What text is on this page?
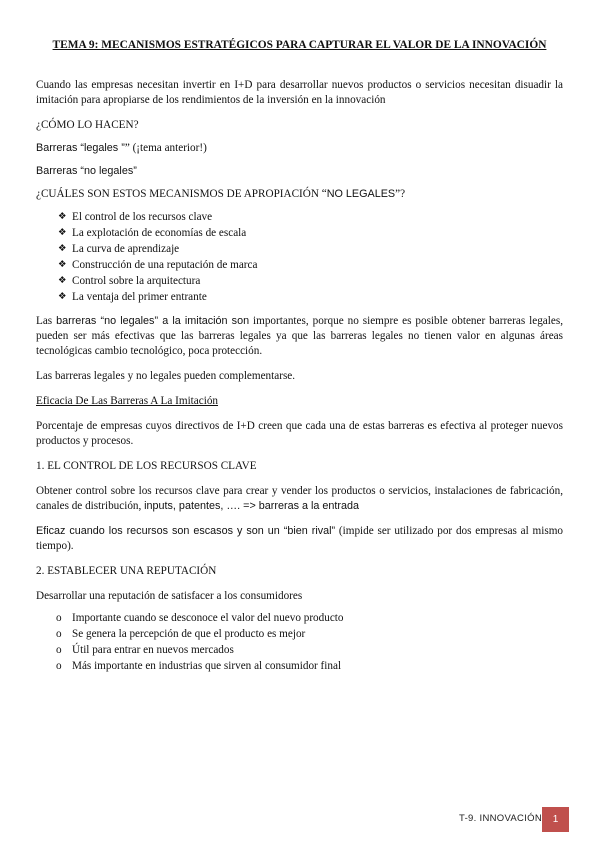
TEMA 9: MECANISMOS ESTRATÉGICOS PARA CAPTURAR EL VALOR DE LA INNOVACIÓN

Cuando las empresas necesitan invertir en I+D para desarrollar nuevos productos o servicios necesitan disuadir la imitación para apropiarse de los rendimientos de la inversión en la innovación

¿CÓMO LO HACEN?

Barreras “legales ”” (¡tema anterior!)

Barreras “no legales”

¿CUÁLES SON ESTOS MECANISMOS DE APROPIACIÓN “NO LEGALES”?

❖ El control de los recursos clave
❖ La explotación de economías de escala
❖ La curva de aprendizaje
❖ Construcción de una reputación de marca
❖ Control sobre la arquitectura
❖ La ventaja del primer entrante

Las barreras “no legales” a la imitación son importantes, porque no siempre es posible obtener barreras legales, pueden ser más efectivas que las barreras legales ya que las barreras legales no tienen valor en algunas áreas tecnológicas cambio tecnológico, poca protección.

Las barreras legales y no legales pueden complementarse.

Eficacia De Las Barreras A La Imitación

Porcentaje de empresas cuyos directivos de I+D creen que cada una de estas barreras es efectiva al proteger nuevos productos y procesos.

1. EL CONTROL DE LOS RECURSOS CLAVE

Obtener control sobre los recursos clave para crear y vender los productos o servicios, instalaciones de fabricación, canales de distribución, inputs, patentes, …. => barreras a la entrada

Eficaz cuando los recursos son escasos y son un “bien rival” (impide ser utilizado por dos empresas al mismo tiempo).

2. ESTABLECER UNA REPUTACIÓN

Desarrollar una reputación de satisfacer a los consumidores

o Importante cuando se desconoce el valor del nuevo producto
o Se genera la percepción de que el producto es mejor
o Útil para entrar en nuevos mercados
o Más importante en industrias que sirven al consumidor final
T-9. INNOVACIÓN	1
